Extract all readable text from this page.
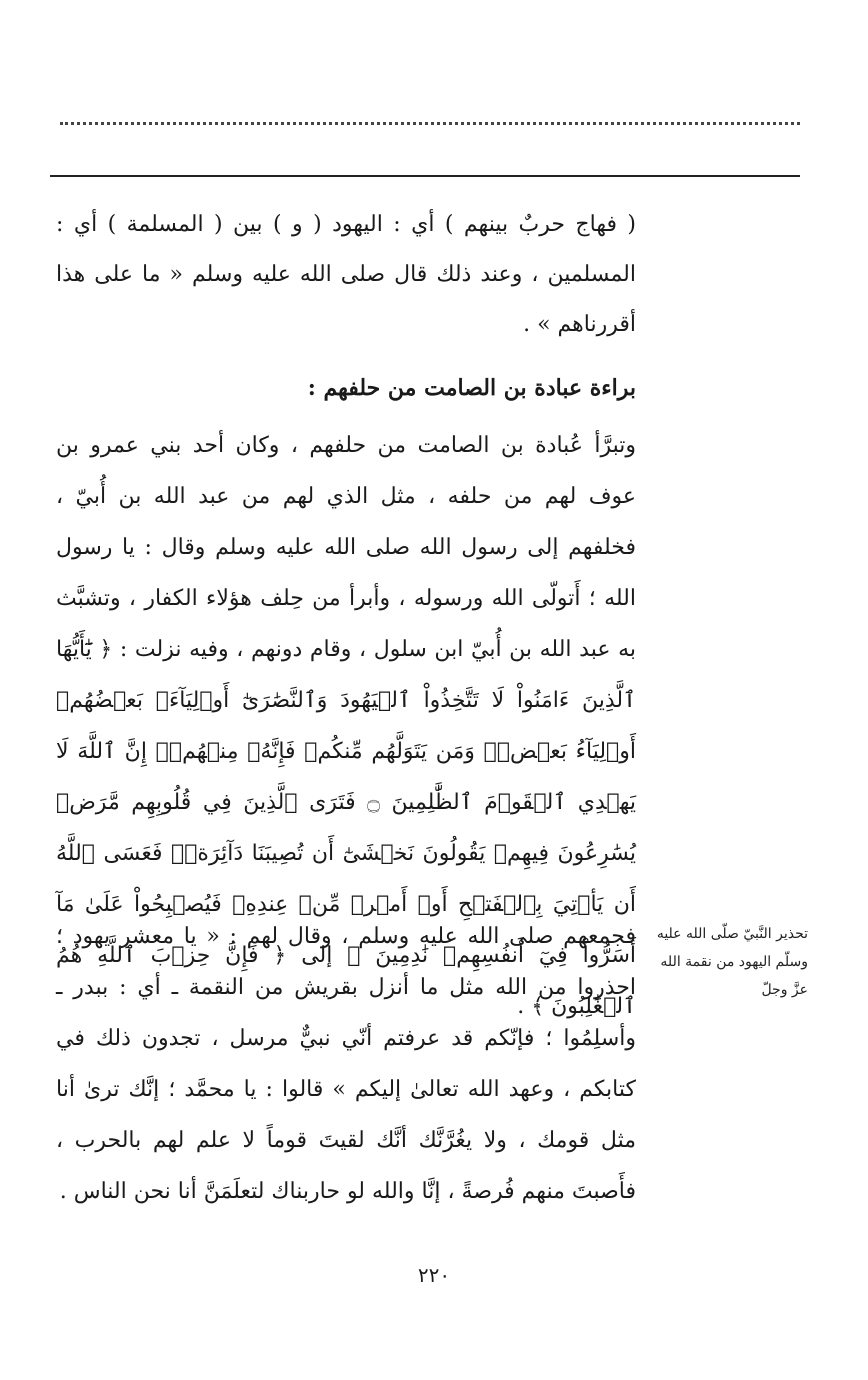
( فهاج حربٌ بينهم ) أي : اليهود ( و ) بين ( المسلمة ) أي : المسلمين ، وعند ذلك قال صلى الله عليه وسلم « ما على هذا أقررناهم » .

براءة عبادة بن الصامت من حلفهم :

وتبرَّأ عُبادة بن الصامت من حلفهم ، وكان أحد بني عمرو بن عوف لهم من حلفه ، مثل الذي لهم من عبد الله بن أُبيّ ، فخلفهم إلى رسول الله صلى الله عليه وسلم وقال : يا رسول الله ؛ أَتولّى الله ورسوله ، وأبرأ من حِلف هؤلاء الكفار ، وتشبَّث به عبد الله بن أُبيّ ابن سلول ، وقام دونهم ، وفيه نزلت : ﴿ يَٰٓأَيُّهَا ٱلَّذِينَ ءَامَنُواْ لَا تَتَّخِذُواْ ٱلۡيَهُودَ وَٱلنَّصَٰرَىٰٓ أَوۡلِيَآءَۘ بَعۡضُهُمۡ أَوۡلِيَآءُ بَعۡضٖۚ وَمَن يَتَوَلَّهُم مِّنكُمۡ فَإِنَّهُۥ مِنۡهُمۡۗ إِنَّ ٱللَّهَ لَا يَهۡدِي ٱلۡقَوۡمَ ٱلظَّٰلِمِينَ ۝ فَتَرَى ٱلَّذِينَ فِي قُلُوبِهِم مَّرَضٞ يُسَٰرِعُونَ فِيهِمۡ يَقُولُونَ نَخۡشَىٰٓ أَن تُصِيبَنَا دَآئِرَةٞۚ فَعَسَى ٱللَّهُ أَن يَأۡتِيَ بِٱلۡفَتۡحِ أَوۡ أَمۡرٖ مِّنۡ عِندِهِۦ فَيُصۡبِحُواْ عَلَىٰ مَآ أَسَرُّواْ فِيٓ أَنفُسِهِمۡ نَٰدِمِينَ ﴾ إلى ﴿ فَإِنَّ حِزۡبَ ٱللَّهِ هُمُ ٱلۡغَٰلِبُونَ ﴾ .

فجمعهم صلى الله عليه وسلم ، وقال لهم : « يا معشر يهود ؛ احذروا من الله مثل ما أنزل بقريش من النقمة ـ أي : ببدر ـ وأسلِمُوا ؛ فإنّكم قد عرفتم أنّي نبيٌّ مرسل ، تجدون ذلك في كتابكم ، وعهد الله تعالىٰ إليكم » قالوا : يا محمَّد ؛ إنَّك ترىٰ أنا مثل قومك ، ولا يغُرَّنَّك أنَّك لقيتَ قوماً لا علم لهم بالحرب ، فأَصبتَ منهم فُرصةً ، إنَّا والله لو حاربناك لتعلَمَنَّ أنا نحن الناس .

تحذير النَّبيّ صلّى الله عليه وسلّم اليهود من نقمة الله عزَّ وجلّ
٢٢٠
